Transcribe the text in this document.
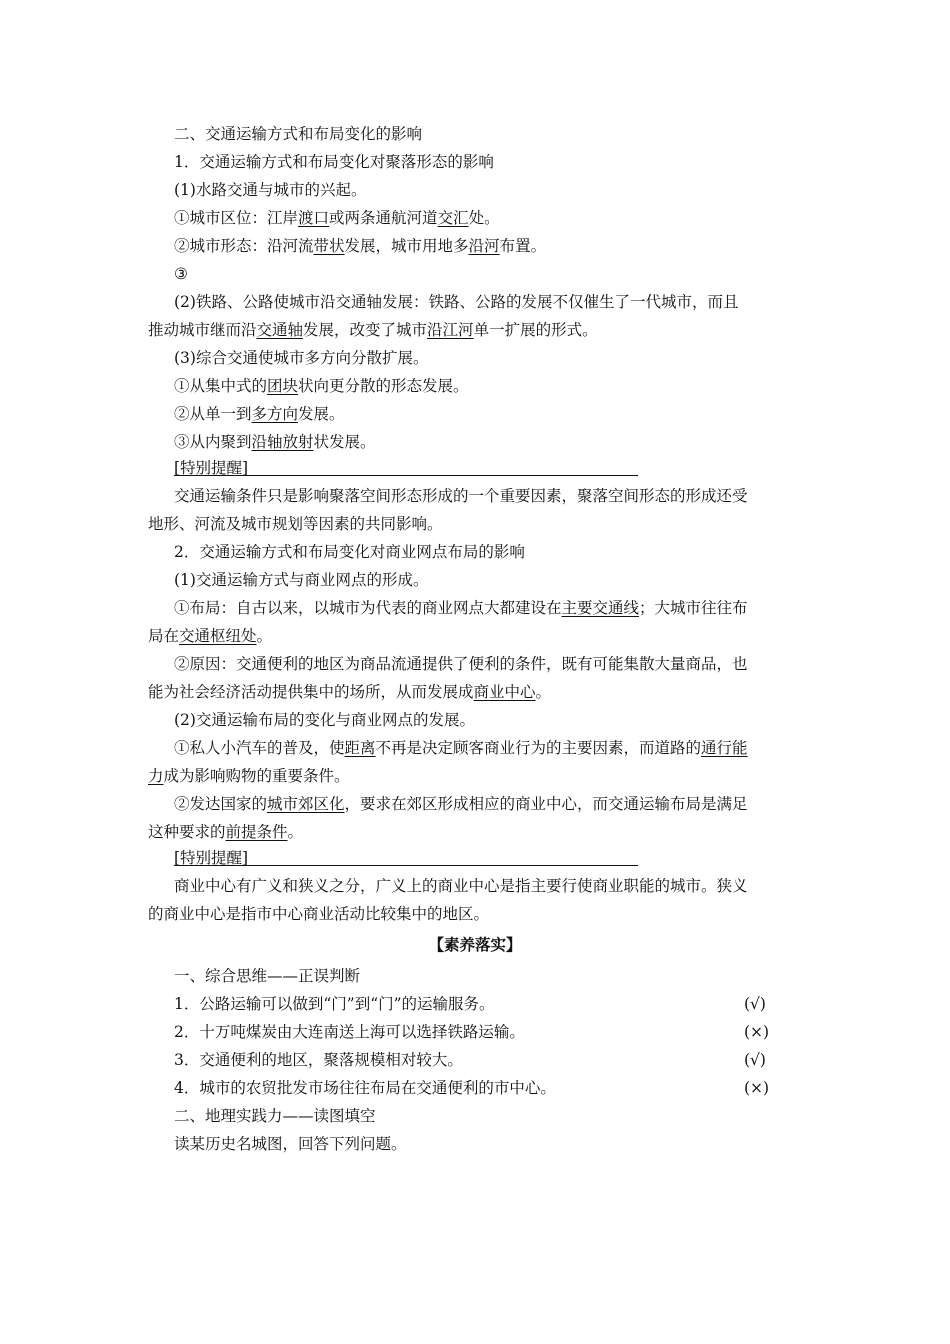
二、交通运输方式和布局变化的影响
1．交通运输方式和布局变化对聚落形态的影响
(1)水路交通与城市的兴起。
①城市区位：江岸渡口或两条通航河道交汇处。
②城市形态：沿河流带状发展，城市用地多沿河布置。
③
(2)铁路、公路使城市沿交通轴发展：铁路、公路的发展不仅催生了一代城市，而且
推动城市继而沿交通轴发展，改变了城市沿江河单一扩展的形式。
(3)综合交通使城市多方向分散扩展。
①从集中式的团块状向更分散的形态发展。
②从单一到多方向发展。
③从内聚到沿轴放射状发展。
[特别提醒]
交通运输条件只是影响聚落空间形态形成的一个重要因素，聚落空间形态的形成还受
地形、河流及城市规划等因素的共同影响。
2．交通运输方式和布局变化对商业网点布局的影响
(1)交通运输方式与商业网点的形成。
①布局：自古以来，以城市为代表的商业网点大都建设在主要交通线；大城市往往布
局在交通枢纽处。
②原因：交通便利的地区为商品流通提供了便利的条件，既有可能集散大量商品，也
能为社会经济活动提供集中的场所，从而发展成商业中心。
(2)交通运输布局的变化与商业网点的发展。
①私人小汽车的普及，使距离不再是决定顾客商业行为的主要因素，而道路的通行能
力成为影响购物的重要条件。
②发达国家的城市郊区化，要求在郊区形成相应的商业中心，而交通运输布局是满足
这种要求的前提条件。
[特别提醒]
商业中心有广义和狭义之分，广义上的商业中心是指主要行使商业职能的城市。狭义
的商业中心是指市中心商业活动比较集中的地区。
【素养落实】
一、综合思维——正误判断
1．公路运输可以做到“门”到“门”的运输服务。	(√)
2．十万吨煤炭由大连南送上海可以选择铁路运输。	(×)
3．交通便利的地区，聚落规模相对较大。	(√)
4．城市的农贸批发市场往往布局在交通便利的市中心。	(×)
二、地理实践力——读图填空
读某历史名城图，回答下列问题。
